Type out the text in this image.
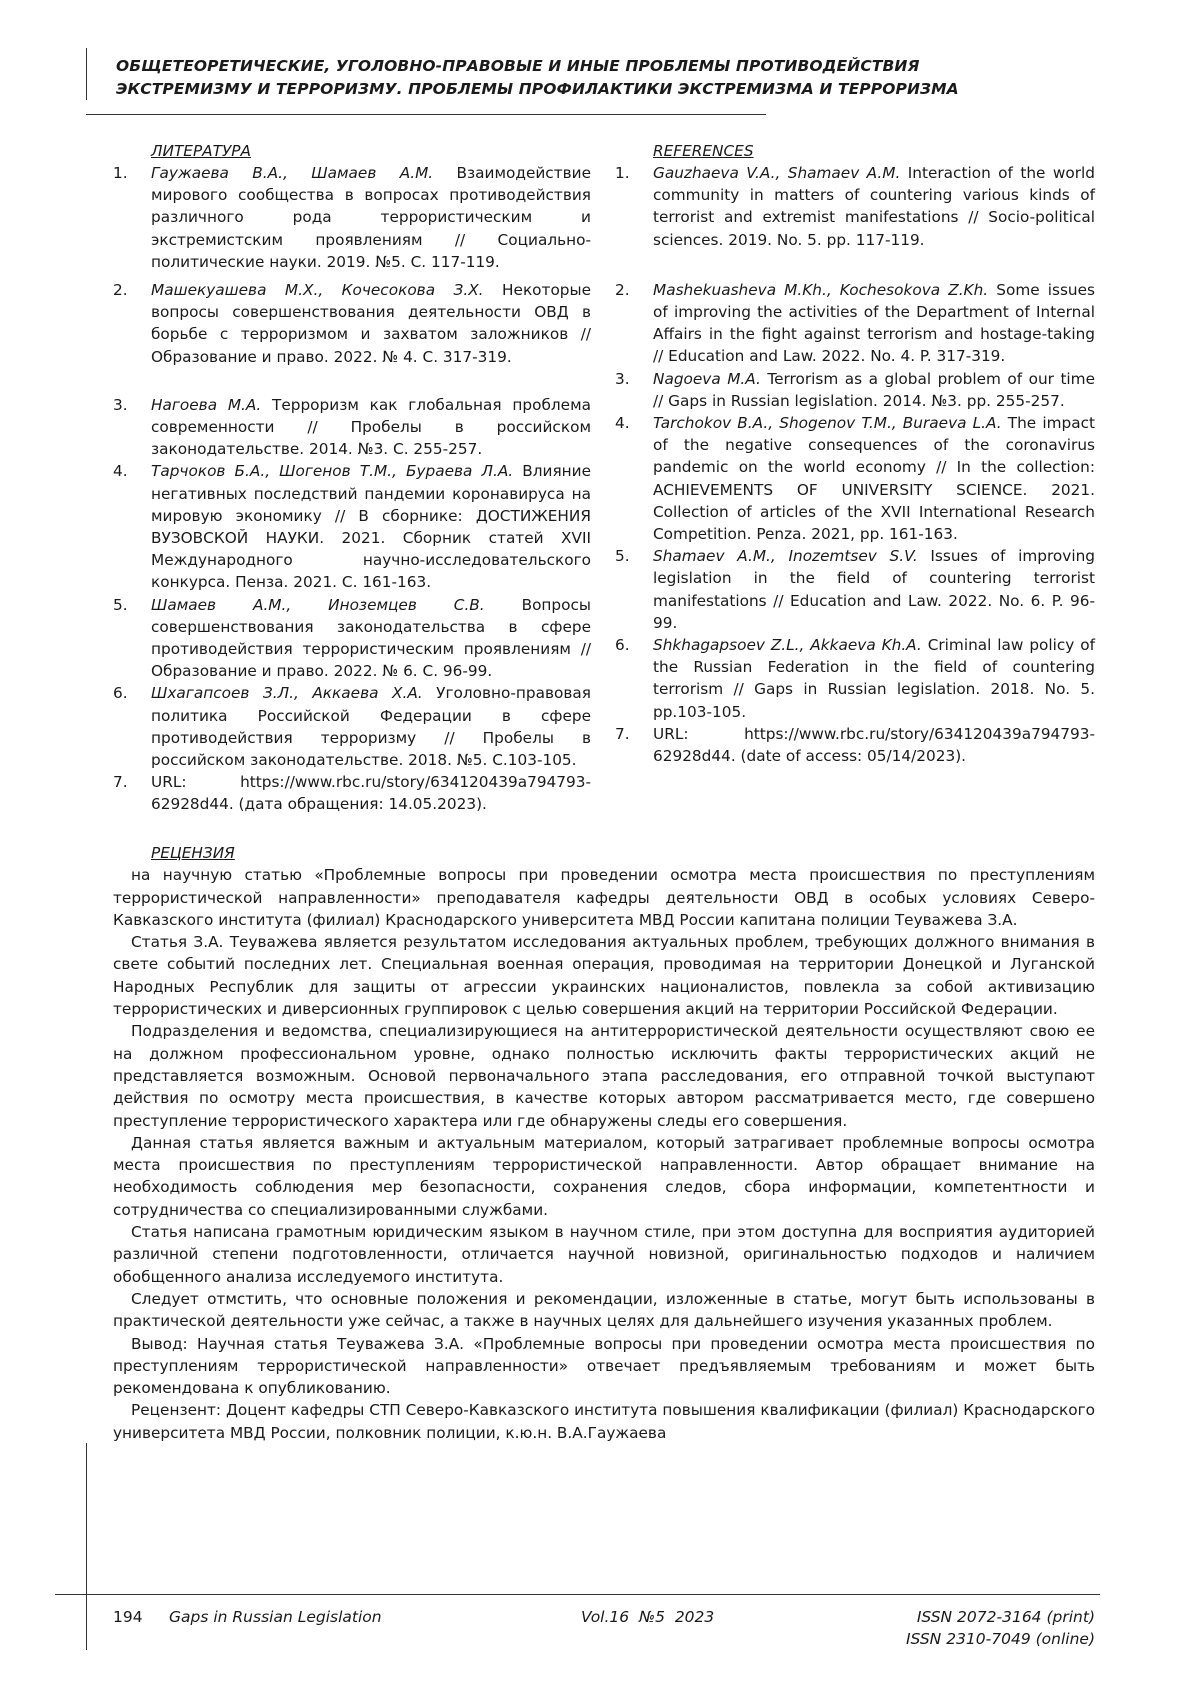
ОБЩЕТЕОРЕТИЧЕСКИЕ, УГОЛОВНО-ПРАВОВЫЕ И ИНЫЕ ПРОБЛЕМЫ ПРОТИВОДЕЙСТВИЯ
ЭКСТРЕМИЗМУ И ТЕРРОРИЗМУ. ПРОБЛЕМЫ ПРОФИЛАКТИКИ ЭКСТРЕМИЗМА И ТЕРРОРИЗМА
ЛИТЕРАТУРА
1. Гаужаева В.А., Шамаев А.М. Взаимодействие мирового сообщества в вопросах противодействия различного рода террористическим и экстремистским проявлениям // Социально-политические науки. 2019. №5. С. 117-119.
2. Машекуашева М.Х., Кочесокова З.Х. Некоторые вопросы совершенствования деятельности ОВД в борьбе с терроризмом и захватом заложников // Образование и право. 2022. № 4. С. 317-319.
3. Нагоева М.А. Терроризм как глобальная проблема современности // Пробелы в российском законодательстве. 2014. №3. С. 255-257.
4. Тарчоков Б.А., Шогенов Т.М., Бураева Л.А. Влияние негативных последствий пандемии коронавируса на мировую экономику // В сборнике: ДОСТИЖЕНИЯ ВУЗОВСКОЙ НАУКИ. 2021. Сборник статей XVII Международного научно-исследовательского конкурса. Пенза. 2021. С. 161-163.
5. Шамаев А.М., Иноземцев С.В. Вопросы совершенствования законодательства в сфере противодействия террористическим проявлениям // Образование и право. 2022. № 6. С. 96-99.
6. Шхагапсоев З.Л., Аккаева Х.А. Уголовно-правовая политика Российской Федерации в сфере противодействия терроризму // Пробелы в российском законодательстве. 2018. №5. С.103-105.
7. URL: https://www.rbc.ru/story/634120439a794793-62928d44. (дата обращения: 14.05.2023).
REFERENCES
1. Gauzhaeva V.A., Shamaev A.M. Interaction of the world community in matters of countering various kinds of terrorist and extremist manifestations // Socio-political sciences. 2019. No. 5. pp. 117-119.
2. Mashekuasheva M.Kh., Kochesokova Z.Kh. Some issues of improving the activities of the Department of Internal Affairs in the fight against terrorism and hostage-taking // Education and Law. 2022. No. 4. P. 317-319.
3. Nagoeva M.A. Terrorism as a global problem of our time // Gaps in Russian legislation. 2014. №3. pp. 255-257.
4. Tarchokov B.A., Shogenov T.M., Buraeva L.A. The impact of the negative consequences of the coronavirus pandemic on the world economy // In the collection: ACHIEVEMENTS OF UNIVERSITY SCIENCE. 2021. Collection of articles of the XVII International Research Competition. Penza. 2021, pp. 161-163.
5. Shamaev A.M., Inozemtsev S.V. Issues of improving legislation in the field of countering terrorist manifestations // Education and Law. 2022. No. 6. P. 96-99.
6. Shkhagapsoev Z.L., Akkaeva Kh.A. Criminal law policy of the Russian Federation in the field of countering terrorism // Gaps in Russian legislation. 2018. No. 5. pp.103-105.
7. URL: https://www.rbc.ru/story/634120439a794793-62928d44. (date of access: 05/14/2023).
РЕЦЕНЗИЯ

на научную статью «Проблемные вопросы при проведении осмотра места происшествия по преступлениям террористической направленности» преподавателя кафедры деятельности ОВД в особых условиях Северо-Кавказского института (филиал) Краснодарского университета МВД России капитана полиции Теуважева З.А.

Статья З.А. Теуважева является результатом исследования актуальных проблем, требующих должного внимания в свете событий последних лет. Специальная военная операция, проводимая на территории Донецкой и Луганской Народных Республик для защиты от агрессии украинских националистов, повлекла за собой активизацию террористических и диверсионных группировок с целью совершения акций на территории Российской Федерации.

Подразделения и ведомства, специализирующиеся на антитеррористической деятельности осуществляют свою ее на должном профессиональном уровне, однако полностью исключить факты террористических акций не представляется возможным. Основой первоначального этапа расследования, его отправной точкой выступают действия по осмотру места происшествия, в качестве которых автором рассматривается место, где совершено преступление террористического характера или где обнаружены следы его совершения.

Данная статья является важным и актуальным материалом, который затрагивает проблемные вопросы осмотра места происшествия по преступлениям террористической направленности. Автор обращает внимание на необходимость соблюдения мер безопасности, сохранения следов, сбора информации, компетентности и сотрудничества со специализированными службами.

Статья написана грамотным юридическим языком в научном стиле, при этом доступна для восприятия аудиторией различной степени подготовленности, отличается научной новизной, оригинальностью подходов и наличием обобщенного анализа исследуемого института.

Следует отмстить, что основные положения и рекомендации, изложенные в статье, могут быть использованы в практической деятельности уже сейчас, а также в научных целях для дальнейшего изучения указанных проблем.

Вывод: Научная статья Теуважева З.А. «Проблемные вопросы при проведении осмотра места происшествия по преступлениям террористической направленности» отвечает предъявляемым требованиям и может быть рекомендована к опубликованию.

Рецензент: Доцент кафедры СТП Северо-Кавказского института повышения квалификации (филиал) Краснодарского университета МВД России, полковник полиции, к.ю.н. В.А.Гаужаева

194 Gaps in Russian Legislation	Vol.16  №5  2023	ISSN 2072-3164 (print)
ISSN 2310-7049 (online)
